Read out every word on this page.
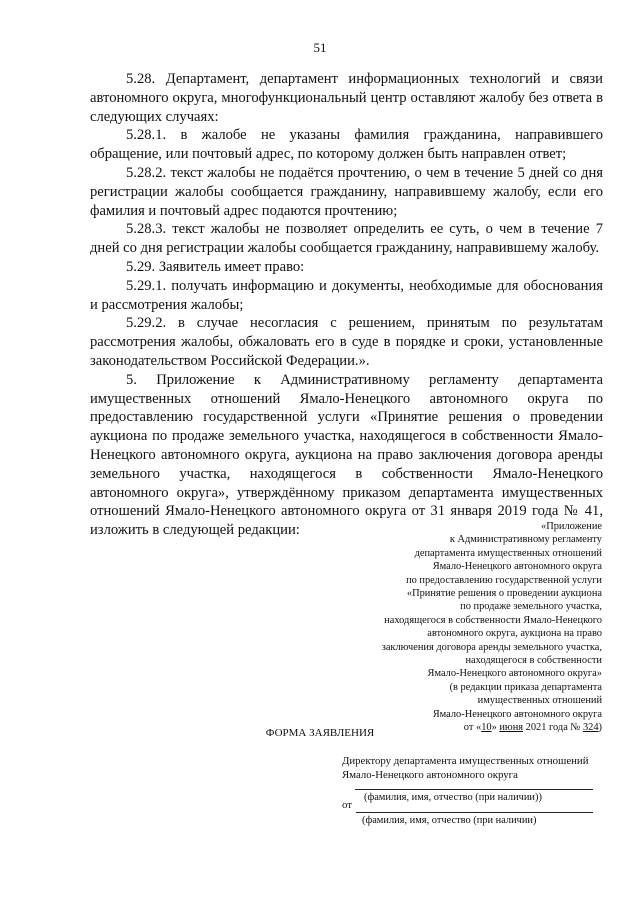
51

5.28. Департамент, департамент информационных технологий и связи автономного округа, многофункциональный центр оставляют жалобу без ответа в следующих случаях:

5.28.1. в жалобе не указаны фамилия гражданина, направившего обращение, или почтовый адрес, по которому должен быть направлен ответ;

5.28.2. текст жалобы не подаётся прочтению, о чем в течение 5 дней со дня регистрации жалобы сообщается гражданину, направившему жалобу, если его фамилия и почтовый адрес подаются прочтению;

5.28.3. текст жалобы не позволяет определить ее суть, о чем в течение 7 дней со дня регистрации жалобы сообщается гражданину, направившему жалобу.

5.29. Заявитель имеет право:

5.29.1. получать информацию и документы, необходимые для обоснования и рассмотрения жалобы;

5.29.2. в случае несогласия с решением, принятым по результатам рассмотрения жалобы, обжаловать его в суде в порядке и сроки, установленные законодательством Российской Федерации.».

5. Приложение к Административному регламенту департамента имущественных отношений Ямало-Ненецкого автономного округа по предоставлению государственной услуги «Принятие решения о проведении аукциона по продаже земельного участка, находящегося в собственности Ямало-Ненецкого автономного округа, аукциона на право заключения договора аренды земельного участка, находящегося в собственности Ямало-Ненецкого автономного округа», утверждённому приказом департамента имущественных отношений Ямало-Ненецкого автономного округа от 31 января 2019 года № 41, изложить в следующей редакции:	«Приложение
к Административному регламенту
департамента имущественных отношений
Ямало-Ненецкого автономного округа
по предоставлению государственной услуги
«Принятие решения о проведении аукциона
по продаже земельного участка,
находящегося в собственности Ямало-Ненецкого
автономного округа, аукциона на право
заключения договора аренды земельного участка,
находящегося в собственности
Ямало-Ненецкого автономного округа»
(в редакции приказа департамента
имущественных отношений
Ямало-Ненецкого автономного округа
от «10» июня 2021 года № 324)
ФОРМА ЗАЯВЛЕНИЯ
Директору департамента имущественных отношений
Ямало-Ненецкого автономного округа
(фамилия, имя, отчество (при наличии))
от
(фамилия, имя, отчество (при наличии)
